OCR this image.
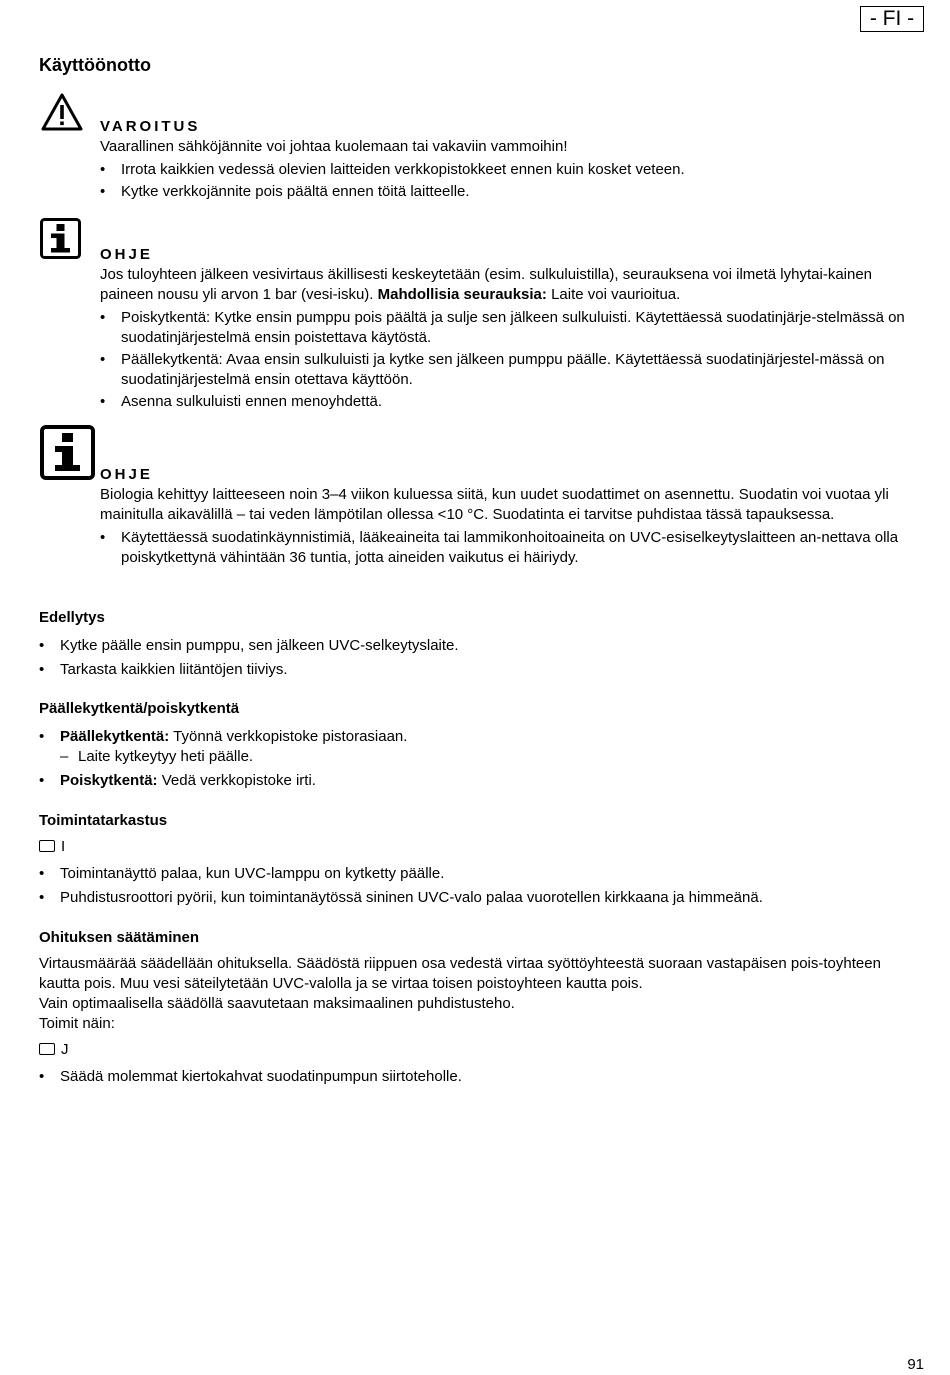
- FI -
Käyttöönotto
VAROITUS

Vaarallinen sähköjännite voi johtaa kuolemaan tai vakaviin vammoihin!

• Irrota kaikkien vedessä olevien laitteiden verkkopistokkeet ennen kuin kosket veteen.
• Kytke verkkojännite pois päältä ennen töitä laitteelle.
OHJE

Jos tuloyhteen jälkeen vesivirtaus äkillisesti keskeytetään (esim. sulkuluistilla), seurauksena voi ilmetä lyhytai-kainen paineen nousu yli arvon 1 bar (vesi-isku). Mahdollisia seurauksia: Laite voi vaurioitua.

• Poiskytkentä: Kytke ensin pumppu pois päältä ja sulje sen jälkeen sulkuluisti. Käytettäessä suodatinjärje-stelmässä on suodatinjärjestelmä ensin poistettava käytöstä.
• Päällekytkentä: Avaa ensin sulkuluisti ja kytke sen jälkeen pumppu päälle. Käytettäessä suodatinjärjestel-mässä on suodatinjärjestelmä ensin otettava käyttöön.
• Asenna sulkuluisti ennen menoyhdettä.
OHJE

Biologia kehittyy laitteeseen noin 3–4 viikon kuluessa siitä, kun uudet suodattimet on asennettu. Suodatin voi vuotaa yli mainitulla aikavälillä – tai veden lämpötilan ollessa <10 °C. Suodatinta ei tarvitse puhdistaa tässä tapauksessa.

• Käytettäessä suodatinkäynnistimiä, lääkeaineita tai lammikonhoitoaineita on UVC-esiselkeytyslaitteen an-nettava olla poiskytkettynä vähintään 36 tuntia, jotta aineiden vaikutus ei häiriydy.
Edellytys
• Kytke päälle ensin pumppu, sen jälkeen UVC-selkeytyslaite.
• Tarkasta kaikkien liitäntöjen tiiviys.
Päällekytkentä/poiskytkentä
• Päällekytkentä: Työnnä verkkopistoke pistorasiaan.
– Laite kytkeytyy heti päälle.
• Poiskytkentä: Vedä verkkopistoke irti.
Toimintatarkastus
I
• Toimintanäyttö palaa, kun UVC-lamppu on kytketty päälle.
• Puhdistusroottori pyörii, kun toimintanäytössä sininen UVC-valo palaa vuorotellen kirkkaana ja himmeänä.
Ohituksen säätäminen

Virtausmäärää säädellään ohituksella. Säädöstä riippuen osa vedestä virtaa syöttöyhteestä suoraan vastapäisen pois-toyhteen kautta pois. Muu vesi säteilytetään UVC-valolla ja se virtaa toisen poistoyhteen kautta pois.

Vain optimaalisella säädöllä saavutetaan maksimaalinen puhdistusteho.

Toimit näin:

J
• Säädä molemmat kiertokahvat suodatinpumpun siirtoteholle.
91
